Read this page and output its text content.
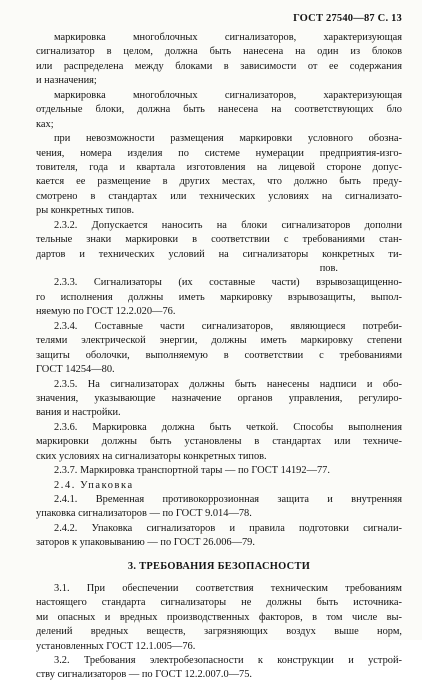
ГОСТ 27540—87 С. 13
маркировка многоблочных сигнализаторов, характеризующая
сигнализатор в целом, должна быть нанесена на один из блоков
или распределена между блоками в зависимости от ее содержания
и назначения;
маркировка многоблочных сигнализаторов, характеризующая
отдельные блоки, должна быть нанесена на соответствующих бло
ках;
при невозможности размещения маркировки условного обозна-
чения, номера изделия по системе нумерации предприятия-изго-
товителя, года и квартала изготовления на лицевой стороне допус-
кается ее размещение в других местах, что должно быть преду-
смотрено в стандартах или технических условиях на сигнализато-
ры конкретных типов.
2.3.2. Допускается наносить на блоки сигнализаторов дополни
тельные знаки маркировки в соответствии с требованиями стан-
дартов и технических условий на сигнализаторы конкретных ти-
пов.
2.3.3. Сигнализаторы (их составные части) взрывозащищенно-
го исполнения должны иметь маркировку взрывозащиты, выпол-
няемую по ГОСТ 12.2.020—76.
2.3.4. Составные части сигнализаторов, являющиеся потреби-
телями электрической энергии, должны иметь маркировку степени
защиты оболочки, выполняемую в соответствии с требованиями
ГОСТ 14254—80.
2.3.5. На сигнализаторах должны быть нанесены надписи и обо-
значения, указывающие назначение органов управления, регулиро-
вания и настройки.
2.3.6. Маркировка должна быть четкой. Способы выполнения
маркировки должны быть установлены в стандартах или техниче-
ских условиях на сигнализаторы конкретных типов.
2.3.7. Маркировка транспортной тары — по ГОСТ 14192—77.
2.4. Упаковка
2.4.1. Временная противокоррозионная защита и внутренняя
упаковка сигнализаторов — по ГОСТ 9.014—78.
2.4.2. Упаковка сигнализаторов и правила подготовки сигнали-
заторов к упаковыванию — по ГОСТ 26.006—79.
3. ТРЕБОВАНИЯ БЕЗОПАСНОСТИ
3.1. При обеспечении соответствия техническим требованиям
настоящего стандарта сигнализаторы не должны быть источника-
ми опасных и вредных производственных факторов, в том числе вы-
делений вредных веществ, загрязняющих воздух выше норм,
установленных ГОСТ 12.1.005—76.
3.2. Требования электробезопасности к конструкции и устрой-
ству сигнализаторов — по ГОСТ 12.2.007.0—75.
